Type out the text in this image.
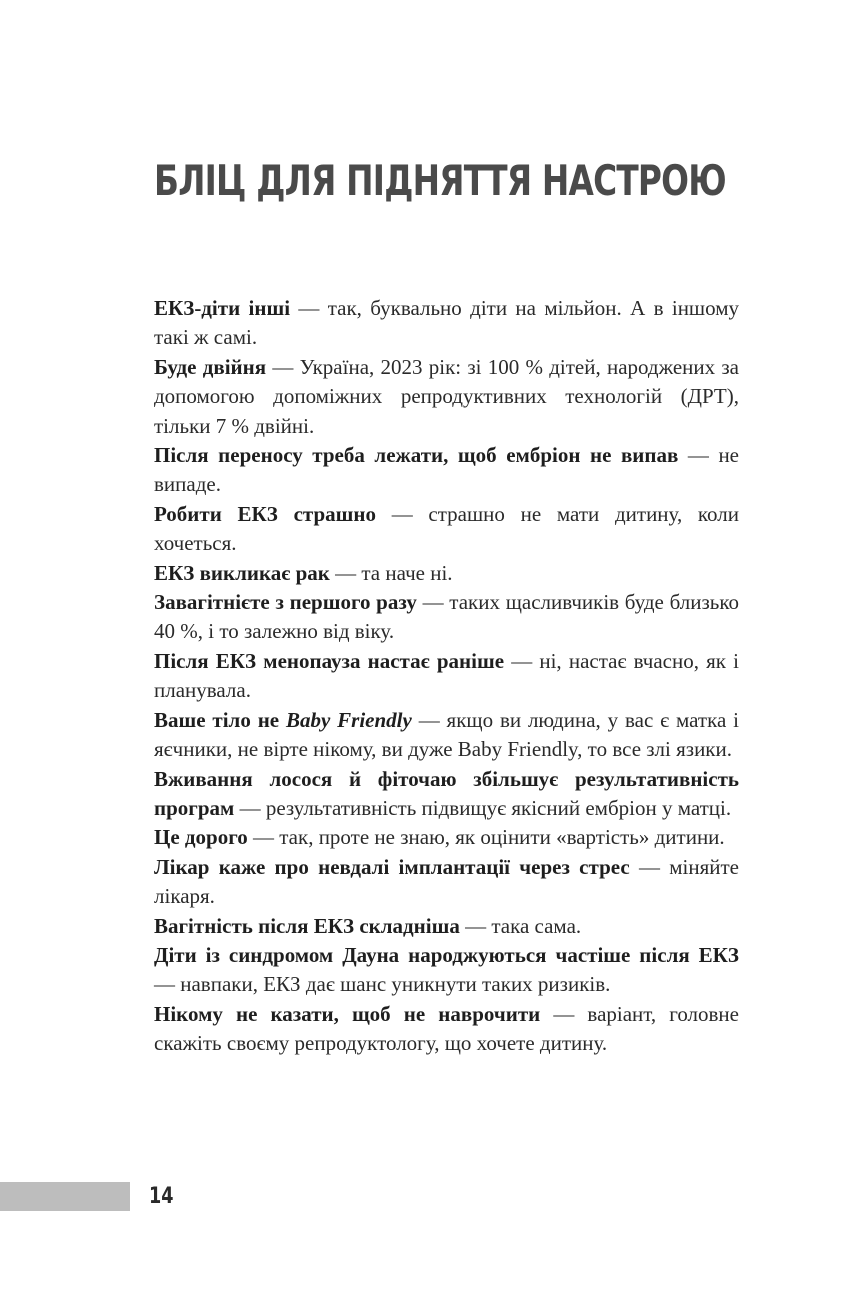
БЛІЦ ДЛЯ ПІДНЯТТЯ НАСТРОЮ

ЕКЗ-діти інші — так, буквально діти на мільйон. А в іншому такі ж самі.

Буде двійня — Україна, 2023 рік: зі 100 % дітей, народжених за допомогою допоміжних репродуктивних технологій (ДРТ), тільки 7 % двійні.

Після переносу треба лежати, щоб ембріон не випав — не випаде.

Робити ЕКЗ страшно — страшно не мати дитину, коли хочеться.

ЕКЗ викликає рак — та наче ні.

Завагітнієте з першого разу — таких щасливчиків буде близько 40 %, і то залежно від віку.

Після ЕКЗ менопауза настає раніше — ні, настає вчасно, як і планувала.

Ваше тіло не Baby Friendly — якщо ви людина, у вас є матка і яєчники, не вірте нікому, ви дуже Baby Friendly, то все злі язики.

Вживання лосося й фіточаю збільшує результативність програм — результативність підвищує якісний ембріон у матці.

Це дорого — так, проте не знаю, як оцінити «вартість» дитини.

Лікар каже про невдалі імплантації через стрес — міняйте лікаря.

Вагітність після ЕКЗ складніша — така сама.

Діти із синдромом Дауна народжуються частіше після ЕКЗ — навпаки, ЕКЗ дає шанс уникнути таких ризиків.

Нікому не казати, щоб не наврочити — варіант, головне скажіть своєму репродуктологу, що хочете дитину.

14
